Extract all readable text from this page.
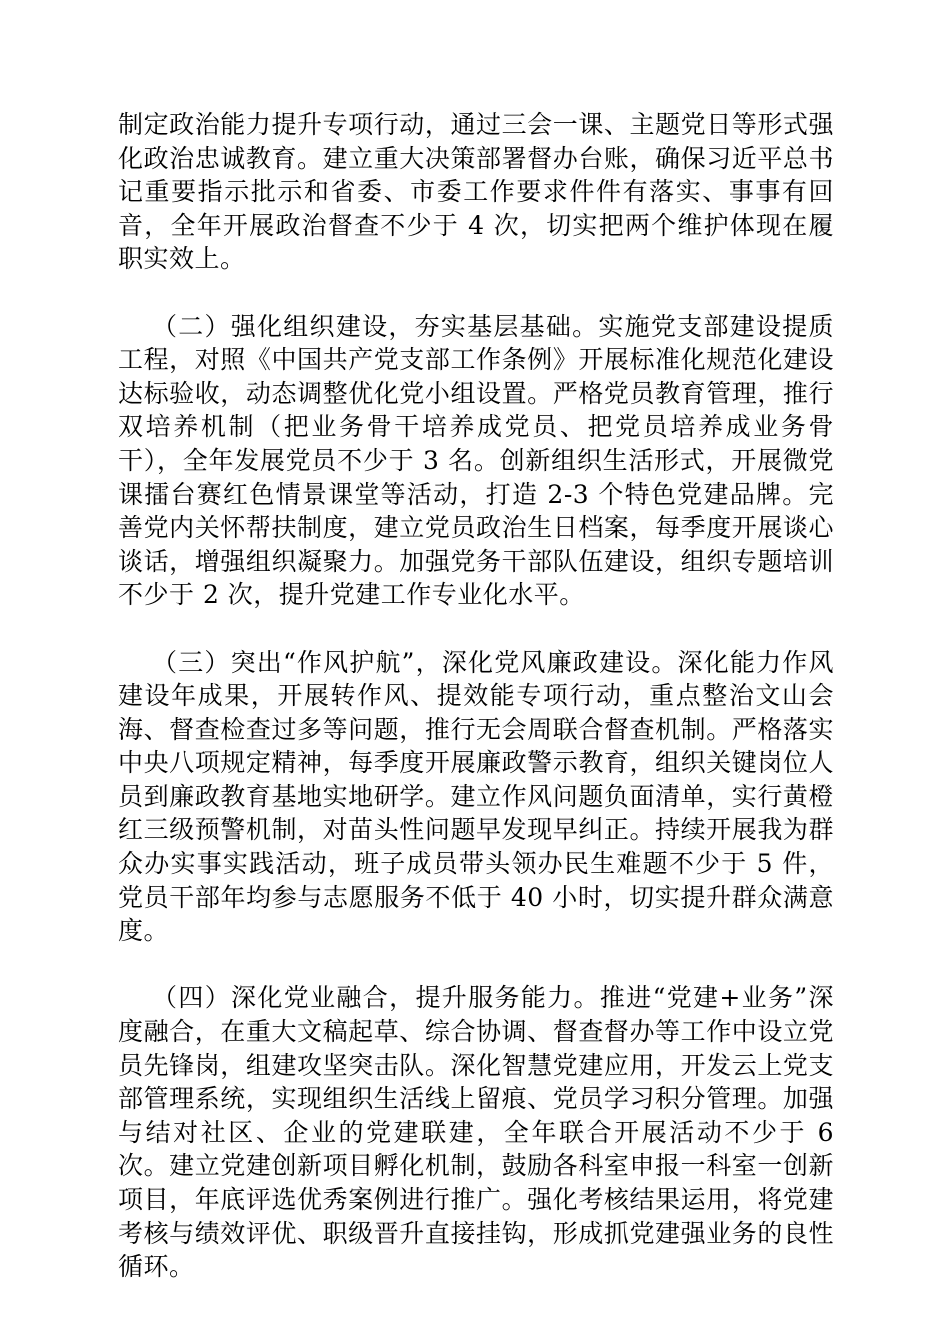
制定政治能力提升专项行动，通过三会一课、主题党日等形式强化政治忠诚教育。建立重大决策部署督办台账，确保习近平总书记重要指示批示和省委、市委工作要求件件有落实、事事有回音，全年开展政治督查不少于 4 次，切实把两个维护体现在履职实效上。

（二）强化组织建设，夯实基层基础。实施党支部建设提质工程，对照《中国共产党支部工作条例》开展标准化规范化建设达标验收，动态调整优化党小组设置。严格党员教育管理，推行双培养机制（把业务骨干培养成党员、把党员培养成业务骨干），全年发展党员不少于 3 名。创新组织生活形式，开展微党课擂台赛红色情景课堂等活动，打造 2-3 个特色党建品牌。完善党内关怀帮扶制度，建立党员政治生日档案，每季度开展谈心谈话，增强组织凝聚力。加强党务干部队伍建设，组织专题培训不少于 2 次，提升党建工作专业化水平。

（三）突出“作风护航”，深化党风廉政建设。深化能力作风建设年成果，开展转作风、提效能专项行动，重点整治文山会海、督查检查过多等问题，推行无会周联合督查机制。严格落实中央八项规定精神，每季度开展廉政警示教育，组织关键岗位人员到廉政教育基地实地研学。建立作风问题负面清单，实行黄橙红三级预警机制，对苗头性问题早发现早纠正。持续开展我为群众办实事实践活动，班子成员带头领办民生难题不少于 5 件，党员干部年均参与志愿服务不低于 40 小时，切实提升群众满意度。

（四）深化党业融合，提升服务能力。推进“党建+业务”深度融合，在重大文稿起草、综合协调、督查督办等工作中设立党员先锋岗，组建攻坚突击队。深化智慧党建应用，开发云上党支部管理系统，实现组织生活线上留痕、党员学习积分管理。加强与结对社区、企业的党建联建，全年联合开展活动不少于 6 次。建立党建创新项目孵化机制，鼓励各科室申报一科室一创新项目，年底评选优秀案例进行推广。强化考核结果运用，将党建考核与绩效评优、职级晋升直接挂钩，形成抓党建强业务的良性循环。
